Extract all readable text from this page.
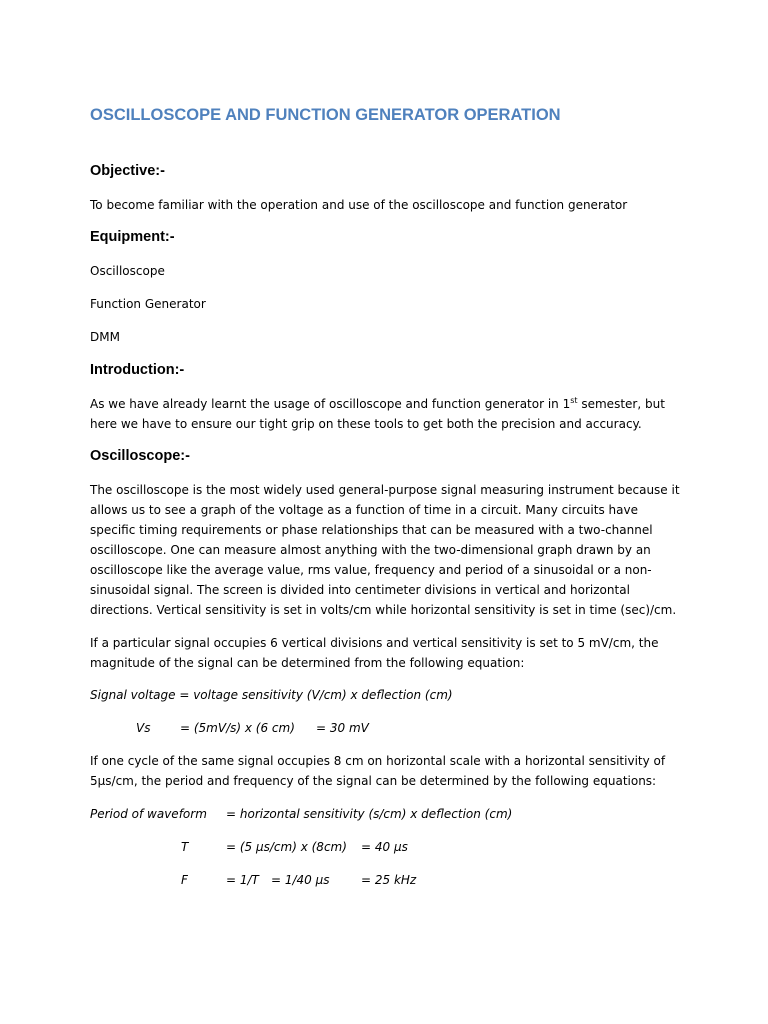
OSCILLOSCOPE AND FUNCTION GENERATOR OPERATION
Objective:-
To become familiar with the operation and use of the oscilloscope and function generator
Equipment:-
Oscilloscope
Function Generator
DMM
Introduction:-
As we have already learnt the usage of oscilloscope and function generator in 1st semester, but here we have to ensure our tight grip on these tools to get both the precision and accuracy.
Oscilloscope:-
The oscilloscope is the most widely used general-purpose signal measuring instrument because it allows us to see a graph of the voltage as a function of time in a circuit. Many circuits have specific timing requirements or phase relationships that can be measured with a two-channel oscilloscope. One can measure almost anything with the two-dimensional graph drawn by an oscilloscope like the average value, rms value, frequency and period of a sinusoidal or a non-sinusoidal signal. The screen is divided into centimeter divisions in vertical and horizontal directions. Vertical sensitivity is set in volts/cm while horizontal sensitivity is set in time (sec)/cm.
If a particular signal occupies 6 vertical divisions and vertical sensitivity is set to 5 mV/cm, the magnitude of the signal can be determined from the following equation:
Signal voltage = voltage sensitivity (V/cm) x deflection (cm)
Vs = (5mV/s) x (6 cm) = 30 mV
If one cycle of the same signal occupies 8 cm on horizontal scale with a horizontal sensitivity of 5µs/cm, the period and frequency of the signal can be determined by the following equations:
Period of waveform = horizontal sensitivity (s/cm) x deflection (cm)
T	= (5 µs/cm) x (8cm) = 40 µs
F	= 1/T = 1/40 µs	= 25 kHz
